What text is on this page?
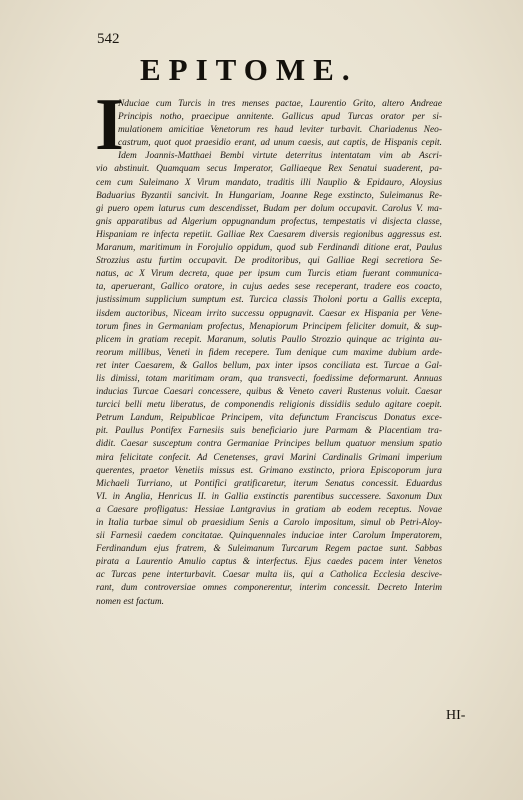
542
EPITOME.
I
Nduciae cum Turcis in tres menses pactae, Laurentio Grito, altero Andreae
Principis notho, praecipue annitente. Gallicus apud Turcas orator per si-
mulationem amicitiae Venetorum res haud leviter turbavit. Chariadenus Neo-
castrum, quot quot praesidio erant, ad unum caesis, aut captis, de Hispanis cepit.
Idem Joannis-Matthaei Bembi virtute deterritus intentatam vim ab Ascri-
vio abstinuit. Quamquam secus Imperator, Galliaeque Rex Senatui suaderent, pa-
cem cum Suleimano X Virum mandato, traditis illi Nauplio & Epidauro, Aloysius
Baduarius Byzantii sancivit. In Hungariam, Joanne Rege exstincto, Suleimanus Re-
gi puero opem laturus cum descendisset, Budam per dolum occupavit. Carolus V. ma-
gnis apparatibus ad Algerium oppugnandum profectus, tempestatis vi disjecta classe,
Hispaniam re infecta repetiit. Galliae Rex Caesarem diversis regionibus aggressus est.
Maranum, maritimum in Forojulio oppidum, quod sub Ferdinandi ditione erat, Paulus
Strozzius astu furtim occupavit. De proditoribus, qui Galliae Regi secretiora Se-
natus, ac X Virum decreta, quae per ipsum cum Turcis etiam fuerant communica-
ta, aperuerant, Gallico oratore, in cujus aedes sese receperant, tradere eos coacto,
justissimum supplicium sumptum est. Turcica classis Tholoni portu a Gallis excepta,
iisdem auctoribus, Niceam irrito successu oppugnavit. Caesar ex Hispania per Vene-
torum fines in Germaniam profectus, Menapiorum Principem feliciter domuit, & sup-
plicem in gratiam recepit. Maranum, solutis Paullo Strozzio quinque ac triginta au-
reorum millibus, Veneti in fidem recepere. Tum denique cum maxime dubium arde-
ret inter Caesarem, & Gallos bellum, pax inter ipsos conciliata est. Turcae a Gal-
lis dimissi, totam maritimam oram, qua transvecti, foedissime deformarunt. Annuas
inducias Turcae Caesari concessere, quibus & Veneto caveri Rustenus voluit. Caesar
turcici belli metu liberatus, de componendis religionis dissidiis sedulo agitare coepit.
Petrum Landum, Reipublicae Principem, vita defunctum Franciscus Donatus exce-
pit. Paullus Pontifex Farnesiis suis beneficiario jure Parmam & Placentiam tra-
didit. Caesar susceptum contra Germaniae Principes bellum quatuor mensium spatio
mira felicitate confecit. Ad Cenetenses, gravi Marini Cardinalis Grimani imperium
querentes, praetor Venetiis missus est. Grimano exstincto, priora Episcoporum jura
Michaeli Turriano, ut Pontifici gratificaretur, iterum Senatus concessit. Eduardus
VI. in Anglia, Henricus II. in Gallia exstinctis parentibus successere. Saxonum Dux
a Caesare profligatus: Hessiae Lantgravius in gratiam ab eodem receptus. Novae
in Italia turbae simul ob praesidium Senis a Carolo impositum, simul ob Petri-Aloy-
sii Farnesii caedem concitatae. Quinquennales induciae inter Carolum Imperatorem,
Ferdinandum ejus fratrem, & Suleimanum Turcarum Regem pactae sunt. Sabbas
pirata a Laurentio Amulio captus & interfectus. Ejus caedes pacem inter Venetos
ac Turcas pene interturbavit. Caesar multa iis, qui a Catholica Ecclesia descive-
rant, dum controversiae omnes componerentur, interim concessit. Decreto Interim
nomen est factum.
HI-
